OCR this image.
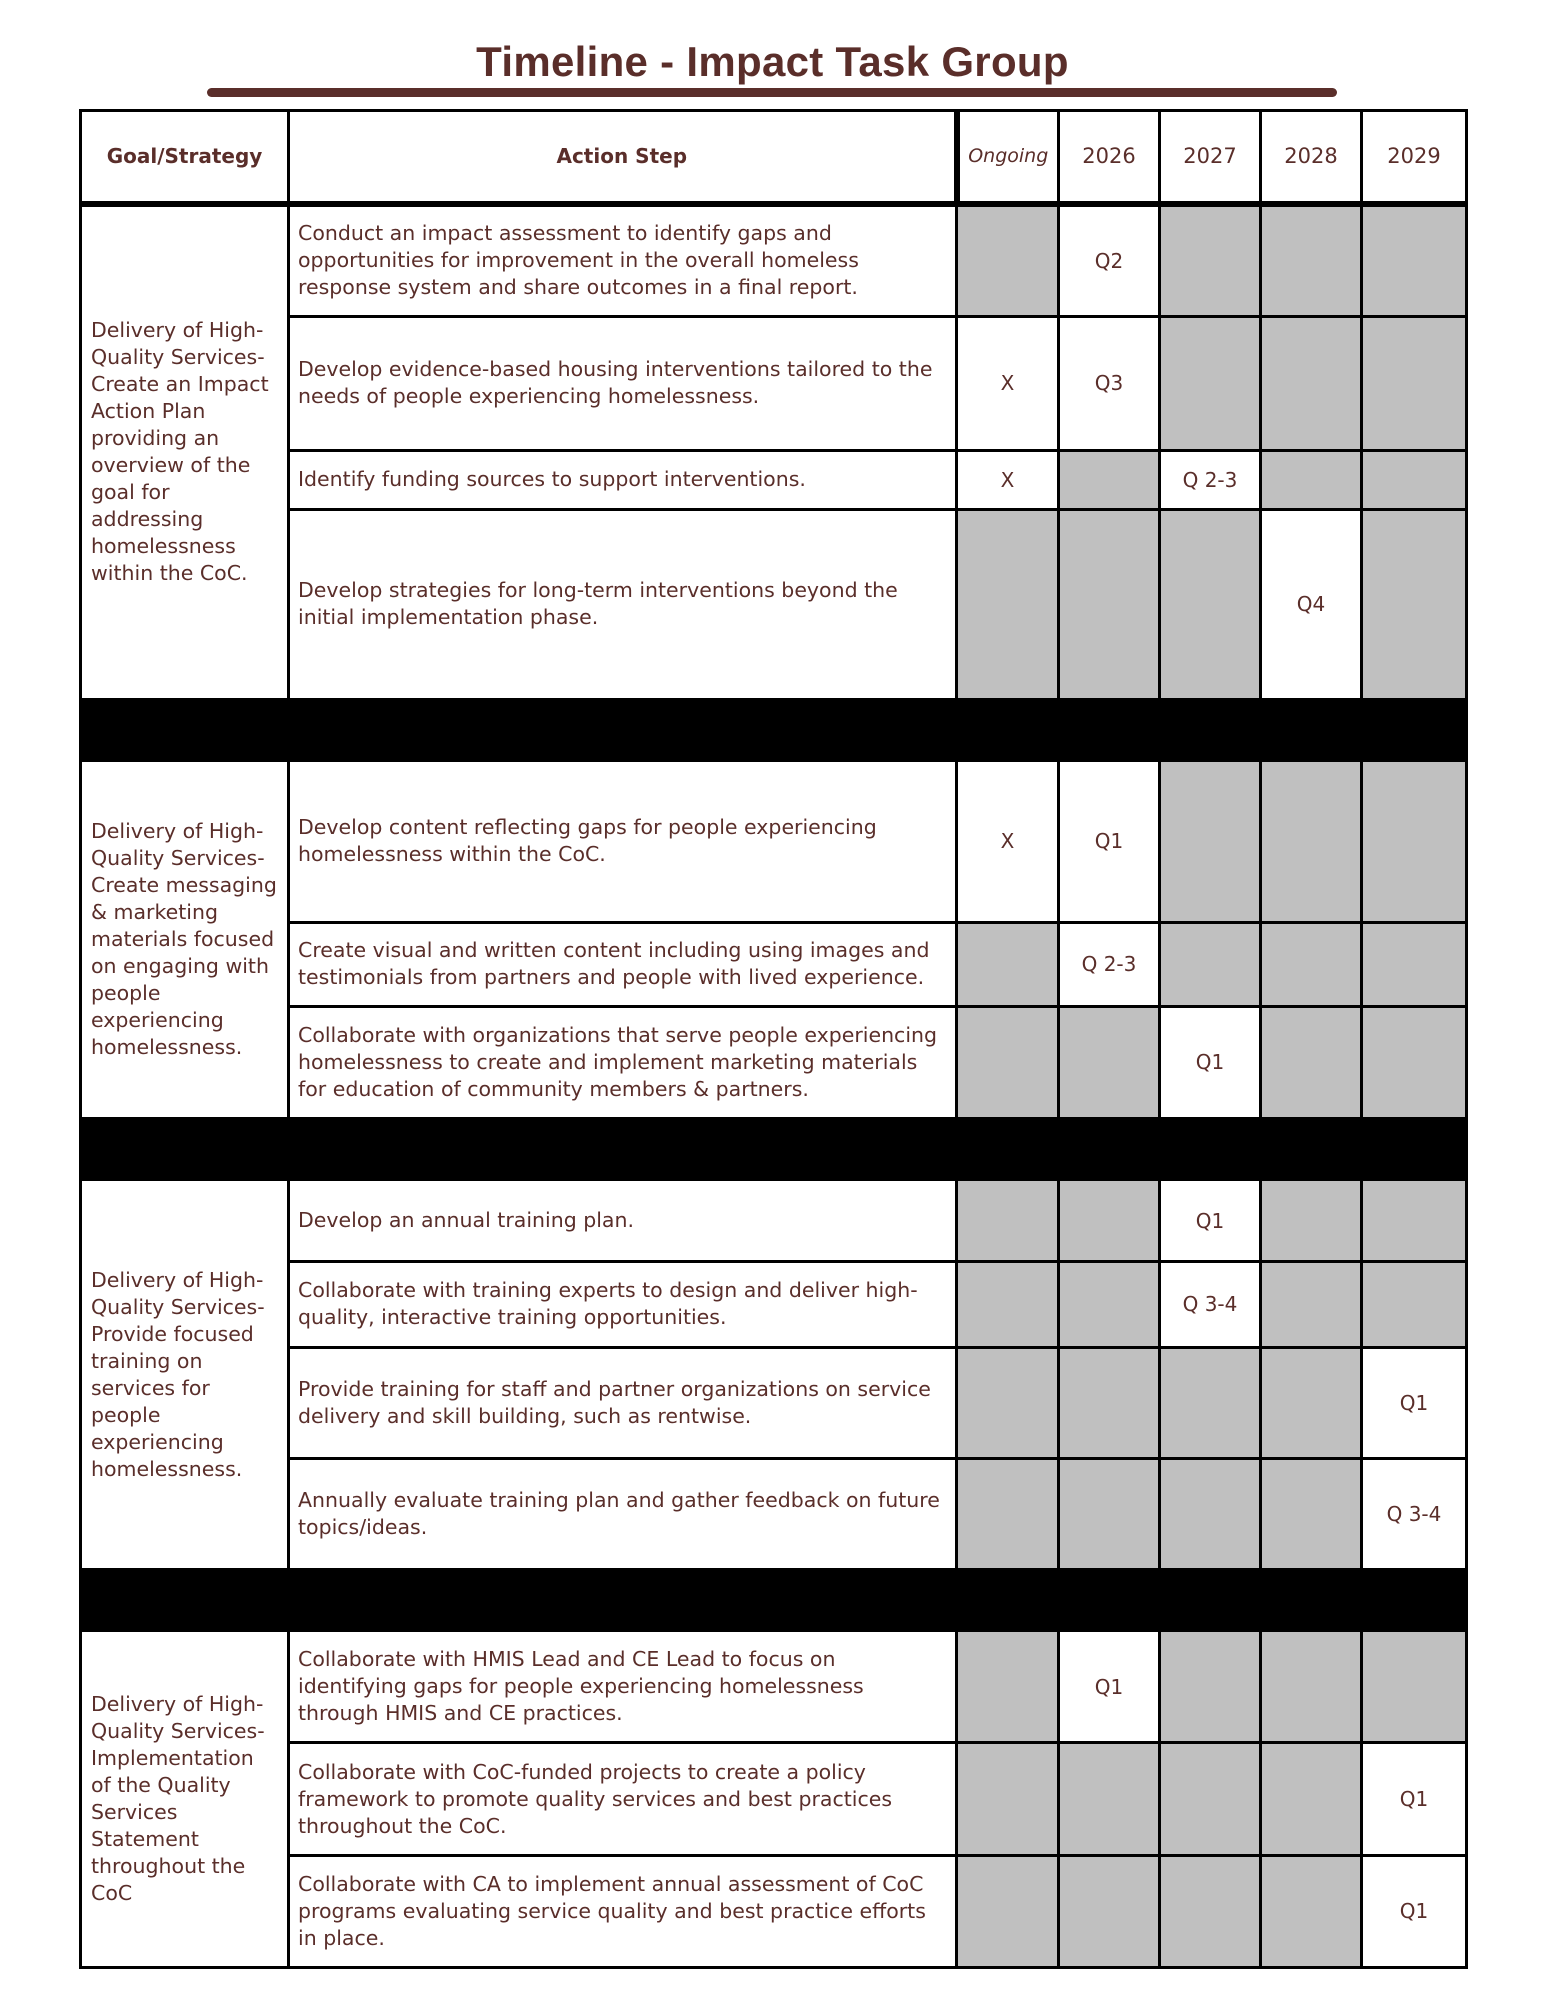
Timeline - Impact Task Group
Goal/Strategy	Action Step	Ongoing	2026	2027	2028	2029
Delivery of High-Quality Services- Create an Impact Action Plan providing an overview of the goal for addressing homelessness within the CoC.	Conduct an impact assessment to identify gaps and opportunities for improvement in the overall homeless response system and share outcomes in a final report.		Q2			
	Develop evidence-based housing interventions tailored to the needs of people experiencing homelessness.	X	Q3			
	Identify funding sources to support interventions.	X		Q 2-3		
	Develop strategies for long-term interventions beyond the initial implementation phase.				Q4	

Delivery of High-Quality Services- Create messaging & marketing materials focused on engaging with people experiencing homelessness.	Develop content reflecting gaps for people experiencing homelessness within the CoC.	X	Q1			
	Create visual and written content including using images and testimonials from partners and people with lived experience.		Q 2-3			
	Collaborate with organizations that serve people experiencing homelessness to create and implement marketing materials for education of community members & partners.			Q1		

Delivery of High-Quality Services- Provide focused training on services for people experiencing homelessness.	Develop an annual training plan.			Q1		
	Collaborate with training experts to design and deliver high-quality, interactive training opportunities.			Q 3-4		
	Provide training for staff and partner organizations on service delivery and skill building, such as rentwise.					Q1
	Annually evaluate training plan and gather feedback on future topics/ideas.					Q 3-4

Delivery of High-Quality Services- Implementation of the Quality Services Statement throughout the CoC	Collaborate with HMIS Lead and CE Lead to focus on identifying gaps for people experiencing homelessness through HMIS and CE practices.		Q1			
	Collaborate with CoC-funded projects to create a policy framework to promote quality services and best practices throughout the CoC.					Q1
	Collaborate with CA to implement annual assessment of CoC programs evaluating service quality and best practice efforts in place.					Q1
